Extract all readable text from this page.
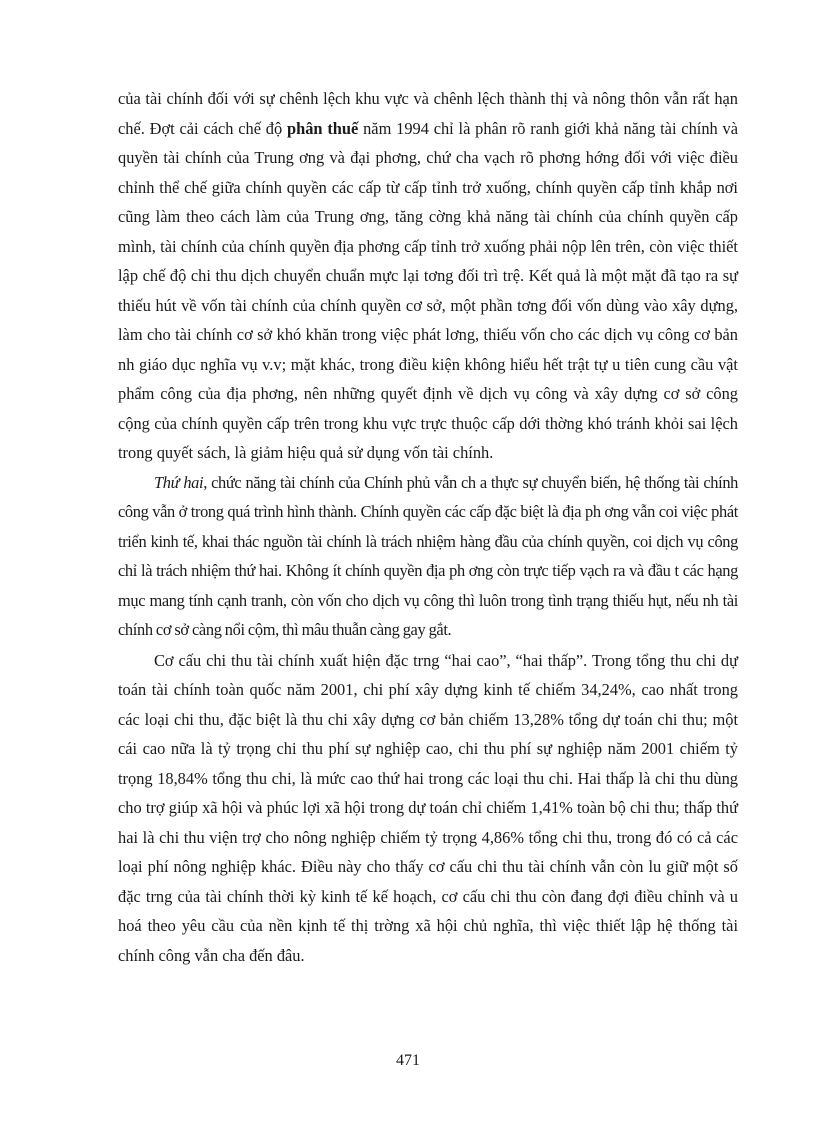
của tài chính đối với sự chênh lệch khu vực và chênh lệch thành thị và nông thôn vẫn rất hạn chế. Đợt cải cách chế độ phân thuế năm 1994 chỉ là phân rõ ranh giới khả năng tài chính và quyền tài chính của Trung ơng và đại phơng, chứ cha vạch rõ phơng hớng đối với việc điều chỉnh thể chế giữa chính quyền các cấp từ cấp tỉnh trở xuống, chính quyền cấp tỉnh khắp nơi cũng làm theo cách làm của Trung ơng, tăng cờng khả năng tài chính của chính quyền cấp mình, tài chính của chính quyền địa phơng cấp tỉnh trở xuống phải nộp lên trên, còn việc thiết lập chế độ chi thu dịch chuyển chuẩn mực lại tơng đối trì trệ. Kết quả là một mặt đã tạo ra sự thiếu hút về vốn tài chính của chính quyền cơ sở, một phần tơng đối vốn dùng vào xây dựng, làm cho tài chính cơ sở khó khăn trong việc phát lơng, thiếu vốn cho các dịch vụ công cơ bản nh giáo dục nghĩa vụ v.v; mặt khác, trong điều kiện không hiểu hết trật tự u tiên cung cầu vật phẩm công của địa phơng, nên những quyết định về dịch vụ công và xây dựng cơ sở công cộng của chính quyền cấp trên trong khu vực trực thuộc cấp dới thờng khó tránh khỏi sai lệch trong quyết sách, là giảm hiệu quả sử dụng vốn tài chính.

Thứ hai, chức năng tài chính của Chính phủ vẫn ch a thực sự chuyển biến, hệ thống tài chính công vẫn ở trong quá trình hình thành. Chính quyền các cấp đặc biệt là địa ph ơng vẫn coi việc phát triển kinh tế, khai thác nguồn tài chính là trách nhiệm hàng đầu của chính quyền, coi dịch vụ công chỉ là trách nhiệm thứ hai. Không ít chính quyền địa ph ơng còn trực tiếp vạch ra và đầu t các hạng mục mang tính cạnh tranh, còn vốn cho dịch vụ công thì luôn trong tình trạng thiếu hụt, nếu nh tài chính cơ sở càng nổi cộm, thì mâu thuẫn càng gay gắt.

Cơ cấu chi thu tài chính xuất hiện đặc trng “hai cao”, “hai thấp”. Trong tổng thu chi dự toán tài chính toàn quốc năm 2001, chi phí xây dựng kinh tế chiếm 34,24%, cao nhất trong các loại chi thu, đặc biệt là thu chi xây dựng cơ bản chiếm 13,28% tổng dự toán chi thu; một cái cao nữa là tỷ trọng chi thu phí sự nghiệp cao, chi thu phí sự nghiệp năm 2001 chiếm tỷ trọng 18,84% tổng thu chi, là mức cao thứ hai trong các loại thu chi. Hai thấp là chi thu dùng cho trợ giúp xã hội và phúc lợi xã hội trong dự toán chỉ chiếm 1,41% toàn bộ chi thu; thấp thứ hai là chi thu viện trợ cho nông nghiệp chiếm tỷ trọng 4,86% tổng chi thu, trong đó có cả các loại phí nông nghiệp khác. Điều này cho thấy cơ cấu chi thu tài chính vẫn còn lu giữ một số đặc trng của tài chính thời kỳ kinh tế kế hoạch, cơ cấu chi thu còn đang đợi điều chỉnh và u hoá theo yêu cầu của nền kịnh tế thị trờng xã hội chủ nghĩa, thì việc thiết lập hệ thống tài chính công vẫn cha đến đâu.

471
